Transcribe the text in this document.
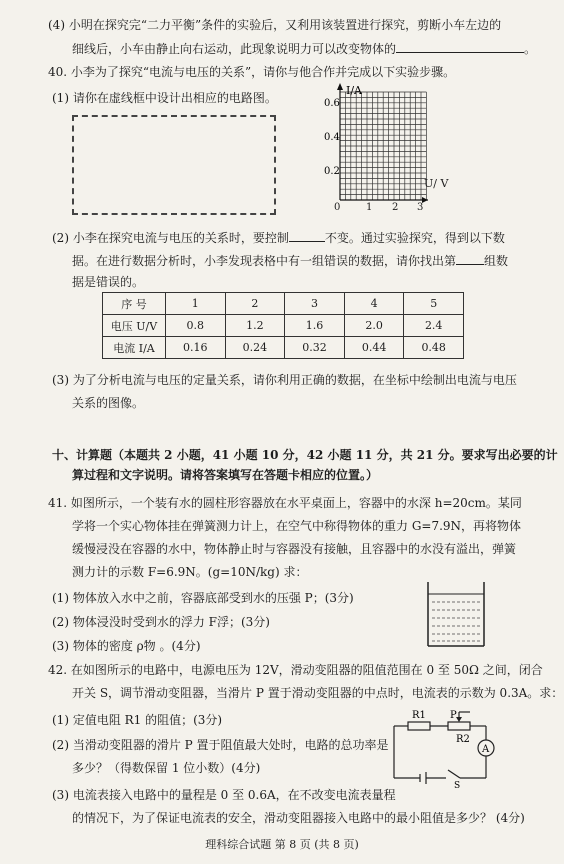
(4) 小明在探究完“二力平衡”条件的实验后，又利用该装置进行探究，剪断小车左边的
细线后，小车由静止向右运动，此现象说明力可以改变物体的	。
40. 小李为了探究“电流与电压的关系”，请你与他合作并完成以下实验步骤。
(1) 请你在虚线框中设计出相应的电路图。
I/A
0.6
0.4
0.2
U/ V
0	1 2 3
(2) 小李在探究电流与电压的关系时，要控制	不变。通过实验探究，得到以下数
据。在进行数据分析时，小李发现表格中有一组错误的数据，请你找出第 组数
据是错误的。
序 号	1	2	3	4	5
电压 U/V	0.8	1.2	1.6	2.0	2.4
电流 I/A	0.16	0.24	0.32	0.44	0.48
(3) 为了分析电流与电压的定量关系，请你利用正确的数据，在坐标中绘制出电流与电压
关系的图像。
十、计算题（本题共 2 小题，41 小题 10 分，42 小题 11 分，共 21 分。要求写出必要的计
算过程和文字说明。请将答案填写在答题卡相应的位置。）
41. 如图所示，一个装有水的圆柱形容器放在水平桌面上，容器中的水深 h=20cm。某同
学将一个实心物体挂在弹簧测力计上，在空气中称得物体的重力 G=7.9N，再将物体
缓慢浸没在容器的水中，物体静止时与容器没有接触，且容器中的水没有溢出，弹簧
测力计的示数 F=6.9N。(g=10N/kg) 求：
(1) 物体放入水中之前，容器底部受到水的压强 P；(3分)
(2) 物体浸没时受到水的浮力 F浮；(3分)
(3) 物体的密度 ρ物 。(4分)
42. 在如图所示的电路中，电源电压为 12V，滑动变阻器的阻值范围在 0 至 50Ω 之间，闭合
开关 S，调节滑动变阻器，当滑片 P 置于滑动变阻器的中点时，电流表的示数为 0.3A。求：
(1) 定值电阻 R1 的阻值；(3分)
(2) 当滑动变阻器的滑片 P 置于阻值最大处时，电路的总功率是
多少？（得数保留 1 位小数）(4分)
(3) 电流表接入电路中的量程是 0 至 0.6A，在不改变电流表量程
的情况下，为了保证电流表的安全，滑动变阻器接入电路中的最小阻值是多少？ (4分)
R1 P
R2
A
S
理科综合试题 第 8 页 (共 8 页)
